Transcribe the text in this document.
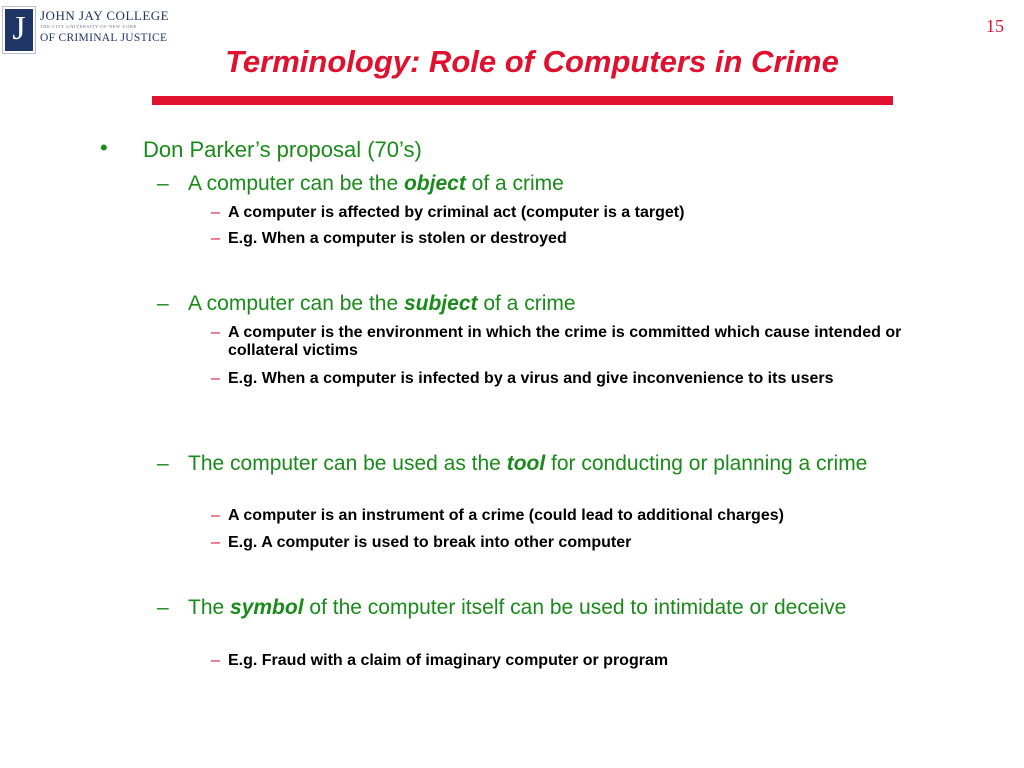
J	JOHN JAY COLLEGE
THE CITY UNIVERSITY OF NEW YORK
OF CRIMINAL JUSTICE
15
Terminology: Role of Computers in Crime
• Don Parker’s proposal (70’s)
– A computer can be the object of a crime
– A computer is affected by criminal act (computer is a target)
– E.g. When a computer is stolen or destroyed
– A computer can be the subject of a crime
– A computer is the environment in which the crime is committed which cause intended or collateral victims
– E.g. When a computer is infected by a virus and give inconvenience to its users
– The computer can be used as the tool for conducting or planning a crime
– A computer is an instrument of a crime (could lead to additional charges)
– E.g. A computer is used to break into other computer
– The symbol of the computer itself can be used to intimidate or deceive
– E.g. Fraud with a claim of imaginary computer or program
